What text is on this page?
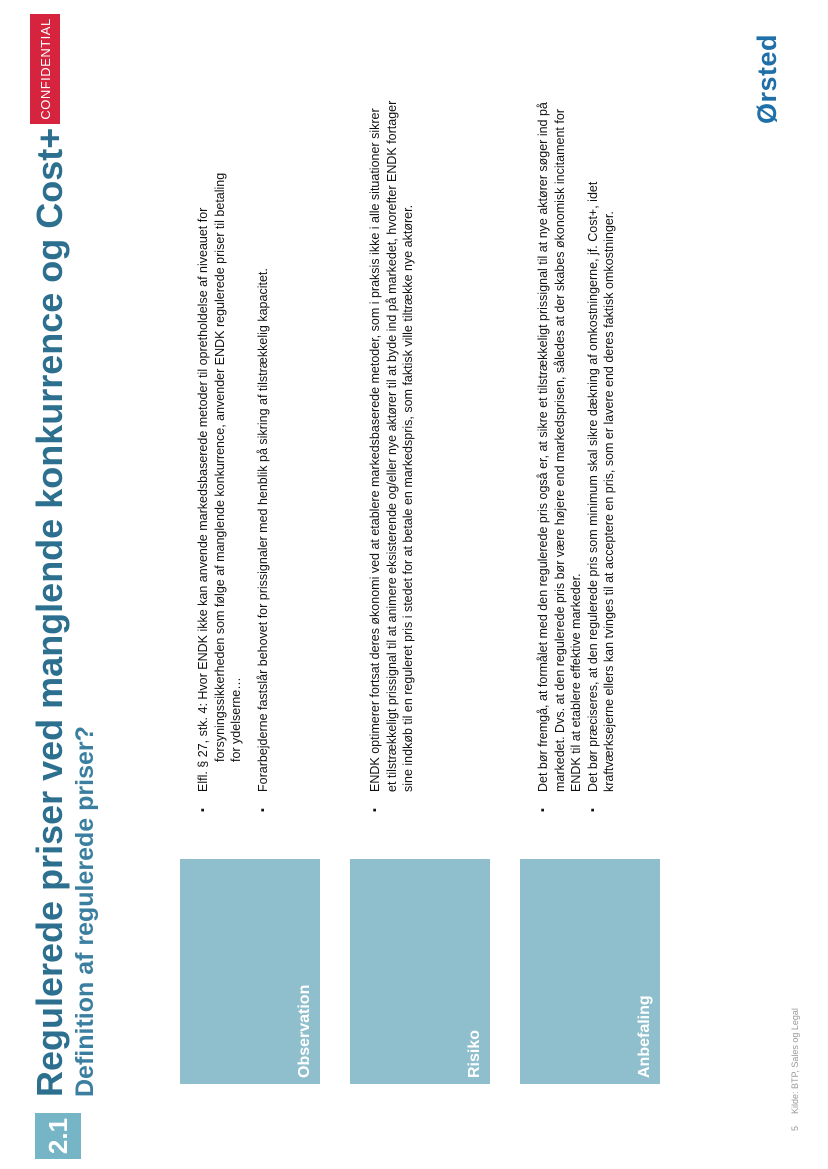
2.1
Regulerede priser ved manglende konkurrence og Cost+ Definition af regulerede priser?
CONFIDENTIAL
Observation	Risiko	Anbefaling

▪ Elfl. § 27, stk. 4: Hvor ENDK ikke kan anvende markedsbaserede metoder til opretholdelse af niveauet for forsyningssikkerheden som følge af manglende konkurrence, anvender ENDK regulerede priser til betaling for ydelserne… ▪ Forarbejderne fastslår behovet for prissignaler med henblik på sikring af tilstrækkelig kapacitet.	▪ ENDK optimerer fortsat deres økonomi ved at etablere markedsbaserede metoder, som i praksis ikke i alle situationer sikrer et tilstrækkeligt prissignal til at animere eksisterende og/eller nye aktører til at byde ind på markedet, hvorefter ENDK fortager sine indkøb til en reguleret pris i stedet for at betale en markedspris, som faktisk ville tiltrække nye aktører.	▪ Det bør fremgå, at formålet med den regulerede pris også er, at sikre et tilstrækkeligt prissignal til at nye aktører søger ind på markedet. Dvs. at den regulerede pris bør være højere end markedsprisen, således at der skabes økonomisk incitament for ENDK til at etablere effektive markeder. ▪ Det bør præciseres, at den regulerede pris som minimum skal sikre dækning af omkostningerne, jf. Cost+, idet kraftværksejerne ellers kan tvinges til at acceptere en pris, som er lavere end deres faktisk omkostninger.

5
Kilde: BTP, Sales og Legal
Ørsted
